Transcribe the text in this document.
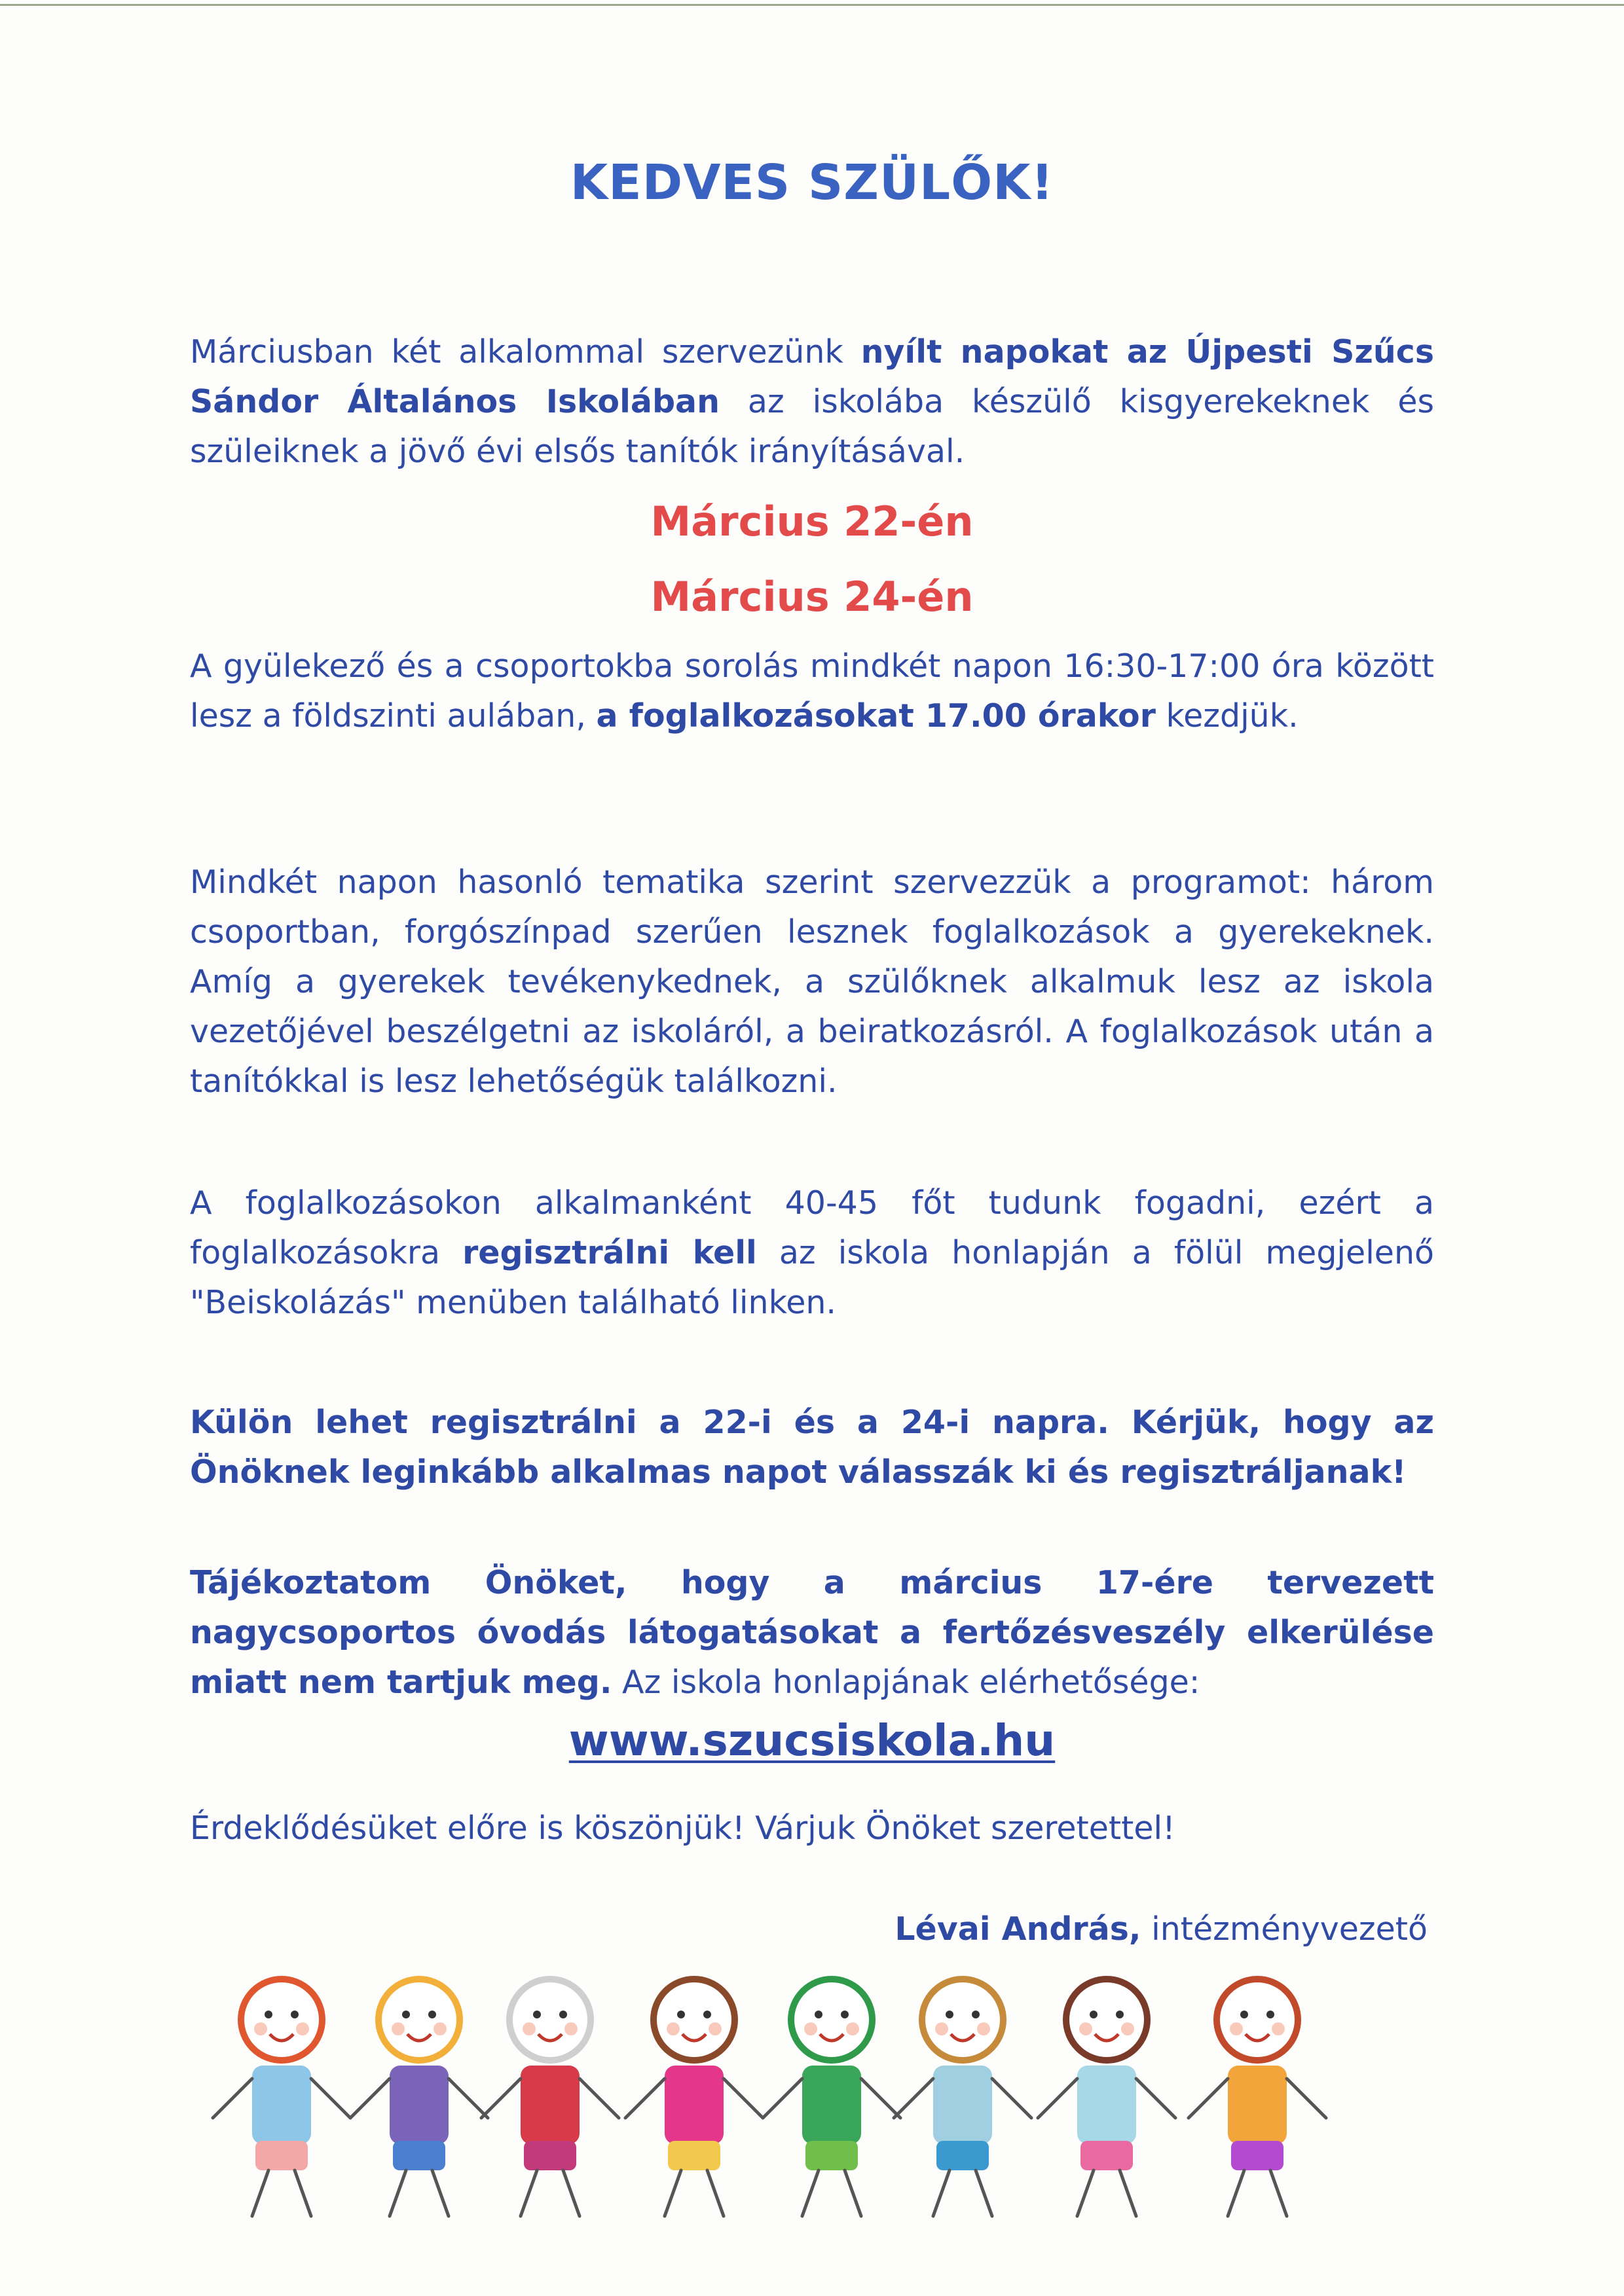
KEDVES SZÜLŐK!
Márciusban két alkalommal szervezünk nyílt napokat az Újpesti Szűcs Sándor Általános Iskolában az iskolába készülő kisgyerekeknek és szüleiknek a jövő évi elsős tanítók irányításával.
Március 22-én
Március 24-én
A gyülekező és a csoportokba sorolás mindkét napon 16:30-17:00 óra között lesz a földszinti aulában, a foglalkozásokat 17.00 órakor kezdjük.
Mindkét napon hasonló tematika szerint szervezzük a programot: három csoportban, forgószínpad szerűen lesznek foglalkozások a gyerekeknek. Amíg a gyerekek tevékenykednek, a szülőknek alkalmuk lesz az iskola vezetőjével beszélgetni az iskoláról, a beiratkozásról. A foglalkozások után a tanítókkal is lesz lehetőségük találkozni.
A foglalkozásokon alkalmanként 40-45 főt tudunk fogadni, ezért a foglalkozásokra regisztrálni kell az iskola honlapján a fölül megjelenő "Beiskolázás" menüben található linken.
Külön lehet regisztrálni a 22-i és a 24-i napra. Kérjük, hogy az Önöknek leginkább alkalmas napot válasszák ki és regisztráljanak!
Tájékoztatom Önöket, hogy a március 17-ére tervezett nagycsoportos óvodás látogatásokat a fertőzésveszély elkerülése miatt nem tartjuk meg. Az iskola honlapjának elérhetősége:
www.szucsiskola.hu
Érdeklődésüket előre is köszönjük! Várjuk Önöket szeretettel!
Lévai András, intézményvezető
